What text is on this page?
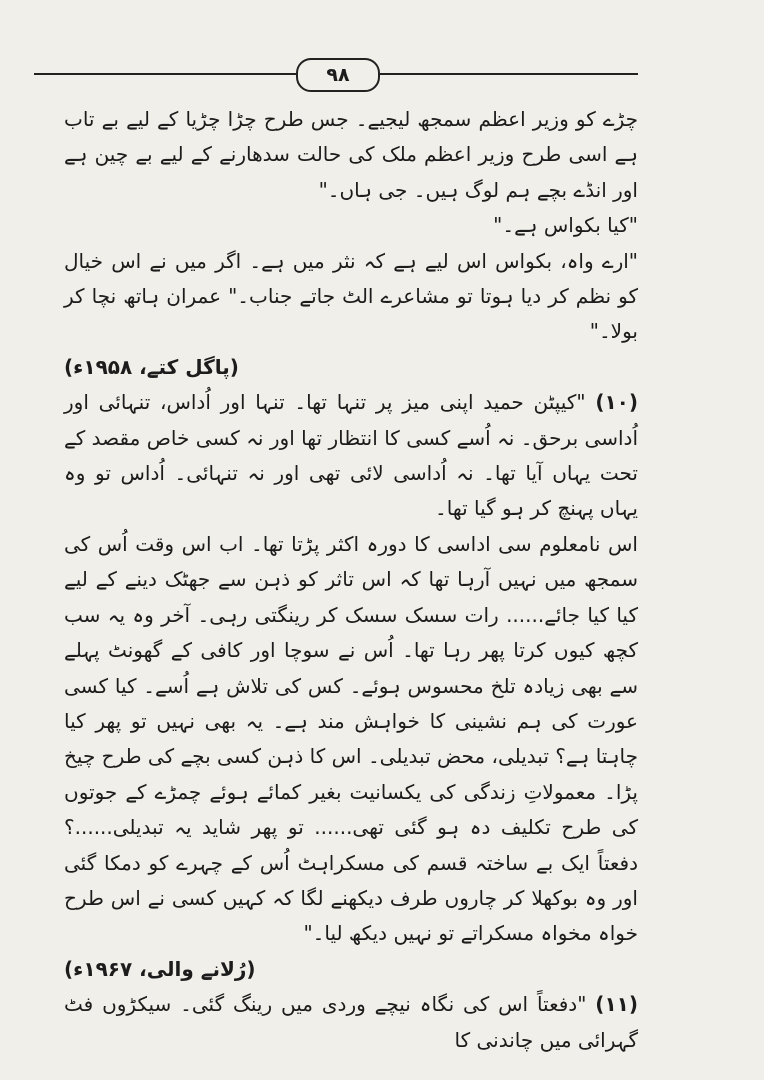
۹۸

چڑے کو وزیر اعظم سمجھ لیجیے۔ جس طرح چڑا چڑیا کے لیے بے تاب ہے اسی طرح وزیر اعظم ملک کی حالت سدھارنے کے لیے بے چین ہے اور انڈے بچے ہم لوگ ہیں۔ جی ہاں۔"

"کیا بکواس ہے۔"

"ارے واہ، بکواس اس لیے ہے کہ نثر میں ہے۔ اگر میں نے اس خیال کو نظم کر دیا ہوتا تو مشاعرے الٹ جاتے جناب۔" عمران ہاتھ نچا کر بولا۔"

(پاگل کتے، ۱۹۵۸ء)

(۱۰) "کیپٹن حمید اپنی میز پر تنہا تھا۔ تنہا اور اُداس، تنہائی اور اُداسی برحق۔ نہ اُسے کسی کا انتظار تھا اور نہ کسی خاص مقصد کے تحت یہاں آیا تھا۔ نہ اُداسی لائی تھی اور نہ تنہائی۔ اُداس تو وہ یہاں پہنچ کر ہو گیا تھا۔

اس نامعلوم سی اداسی کا دورہ اکثر پڑتا تھا۔ اب اس وقت اُس کی سمجھ میں نہیں آرہا تھا کہ اس تاثر کو ذہن سے جھٹک دینے کے لیے کیا کیا جائے...... رات سسک سسک کر رینگتی رہی۔ آخر وہ یہ سب کچھ کیوں کرتا پھر رہا تھا۔ اُس نے سوچا اور کافی کے گھونٹ پہلے سے بھی زیادہ تلخ محسوس ہوئے۔ کس کی تلاش ہے اُسے۔ کیا کسی عورت کی ہم نشینی کا خواہش مند ہے۔ یہ بھی نہیں تو پھر کیا چاہتا ہے؟ تبدیلی، محض تبدیلی۔ اس کا ذہن کسی بچے کی طرح چیخ پڑا۔ معمولاتِ زندگی کی یکسانیت بغیر کمائے ہوئے چمڑے کے جوتوں کی طرح تکلیف دہ ہو گئی تھی...... تو پھر شاید یہ تبدیلی......؟ دفعتاً ایک بے ساختہ قسم کی مسکراہٹ اُس کے چہرے کو دمکا گئی اور وہ بوکھلا کر چاروں طرف دیکھنے لگا کہ کہیں کسی نے اس طرح خواہ مخواہ مسکراتے تو نہیں دیکھ لیا۔"

(رُلانے والی، ۱۹۶۷ء)

(۱۱) "دفعتاً اس کی نگاہ نیچے وردی میں رینگ گئی۔ سیکڑوں فٹ گہرائی میں چاندنی کا
